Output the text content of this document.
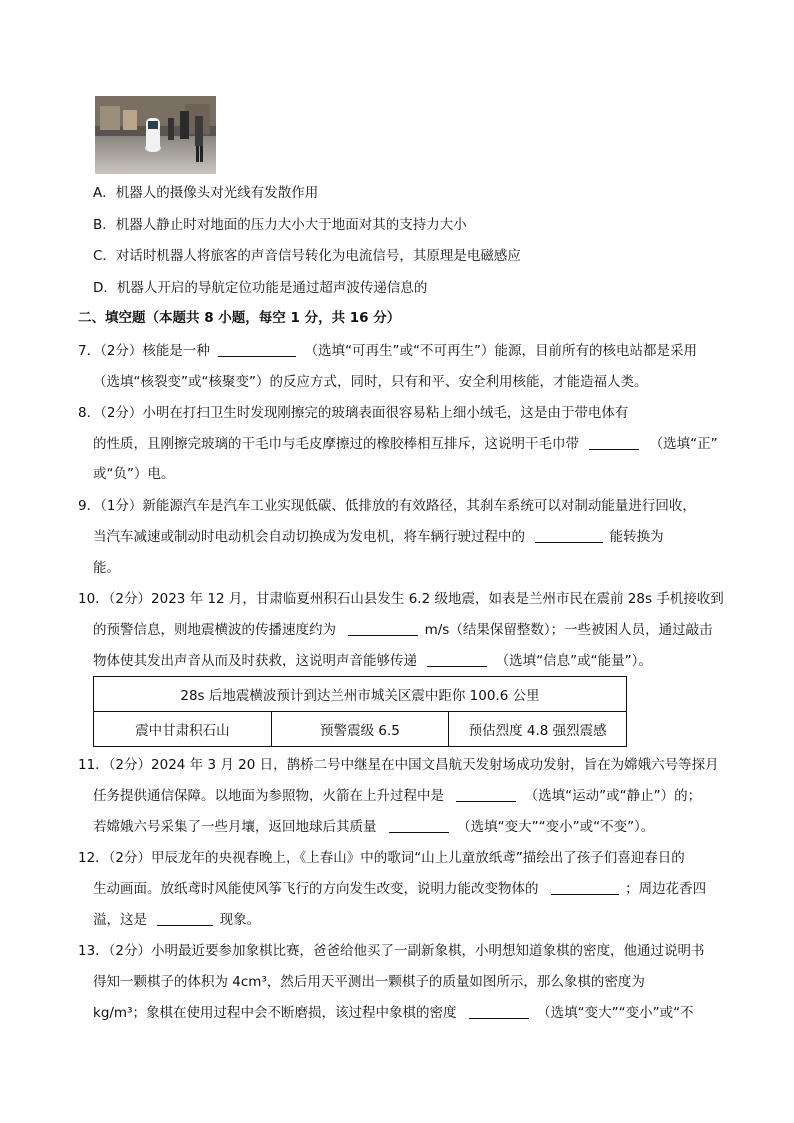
A．机器人的摄像头对光线有发散作用
B．机器人静止时对地面的压力大小大于地面对其的支持力大小
C．对话时机器人将旅客的声音信号转化为电流信号，其原理是电磁感应
D．机器人开启的导航定位功能是通过超声波传递信息的
二、填空题（本题共 8 小题，每空 1 分，共 16 分）
7．（2分）核能是一种	（选填“可再生”或“不可再生”）能源，目前所有的核电站都是采用
（选填“核裂变”或“核聚变”）的反应方式，同时，只有和平、安全利用核能，才能造福人类。
8．（2分）小明在打扫卫生时发现刚擦完的玻璃表面很容易粘上细小绒毛，这是由于带电体有
的性质，且刚擦完玻璃的干毛巾与毛皮摩擦过的橡胶棒相互排斥，这说明干毛巾带	（选填“正”
或“负”）电。
9．（1分）新能源汽车是汽车工业实现低碳、低排放的有效路径，其刹车系统可以对制动能量进行回收，
当汽车减速或制动时电动机会自动切换成为发电机，将车辆行驶过程中的	能转换为
能。
10．（2分）2023 年 12 月，甘肃临夏州积石山县发生 6.2 级地震，如表是兰州市民在震前 28s 手机接收到
的预警信息，则地震横波的传播速度约为	m/s（结果保留整数）；一些被困人员，通过敲击
物体使其发出声音从而及时获救，这说明声音能够传递	（选填“信息”或“能量”）。
28s 后地震横波预计到达兰州市城关区震中距你 100.6 公里
震中甘肃积石山	预警震级 6.5	预估烈度 4.8 强烈震感
11．（2分）2024 年 3 月 20 日，鹊桥二号中继星在中国文昌航天发射场成功发射，旨在为嫦娥六号等探月
任务提供通信保障。以地面为参照物，火箭在上升过程中是	（选填“运动”或“静止”）的；
若嫦娥六号采集了一些月壤，返回地球后其质量	（选填“变大”“变小”或“不变”）。
12．（2分）甲辰龙年的央视春晚上，《上春山》中的歌词“山上儿童放纸鸢”描绘出了孩子们喜迎春日的
生动画面。放纸鸢时风能使风筝飞行的方向发生改变，说明力能改变物体的	；周边花香四
溢，这是	现象。
13．（2分）小明最近要参加象棋比赛，爸爸给他买了一副新象棋，小明想知道象棋的密度，他通过说明书
得知一颗棋子的体积为 4cm³，然后用天平测出一颗棋子的质量如图所示，那么象棋的密度为
kg/m³；象棋在使用过程中会不断磨损，该过程中象棋的密度	（选填“变大”“变小”或“不
